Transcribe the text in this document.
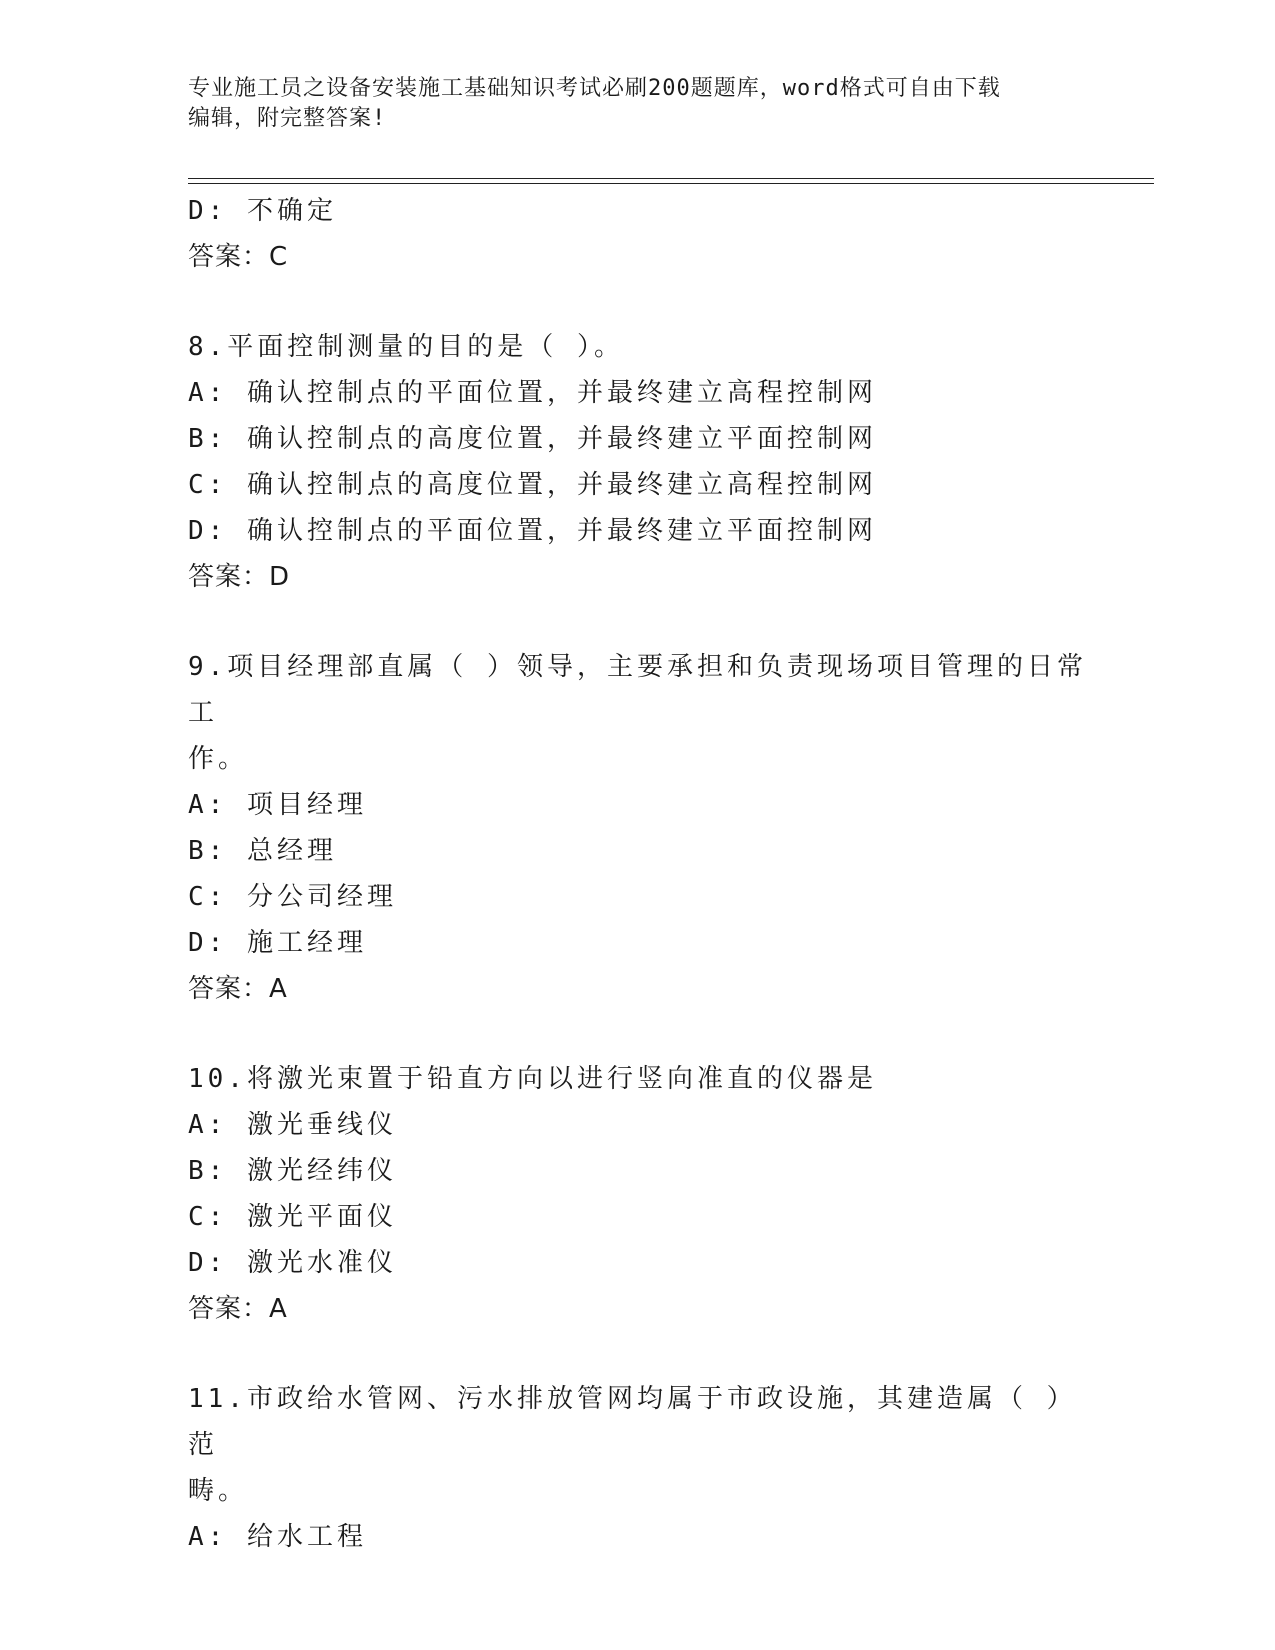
专业施工员之设备安装施工基础知识考试必刷200题题库，word格式可自由下载
编辑，附完整答案!
D: 不确定
答案：C
8.平面控制测量的目的是（ ）。
A: 确认控制点的平面位置，并最终建立高程控制网
B: 确认控制点的高度位置，并最终建立平面控制网
C: 确认控制点的高度位置，并最终建立高程控制网
D: 确认控制点的平面位置，并最终建立平面控制网
答案：D
9.项目经理部直属（ ）领导，主要承担和负责现场项目管理的日常工
作。
A: 项目经理
B: 总经理
C: 分公司经理
D: 施工经理
答案：A
10.将激光束置于铅直方向以进行竖向准直的仪器是
A: 激光垂线仪
B: 激光经纬仪
C: 激光平面仪
D: 激光水准仪
答案：A
11.市政给水管网、污水排放管网均属于市政设施，其建造属（ ）范
畴。
A: 给水工程
